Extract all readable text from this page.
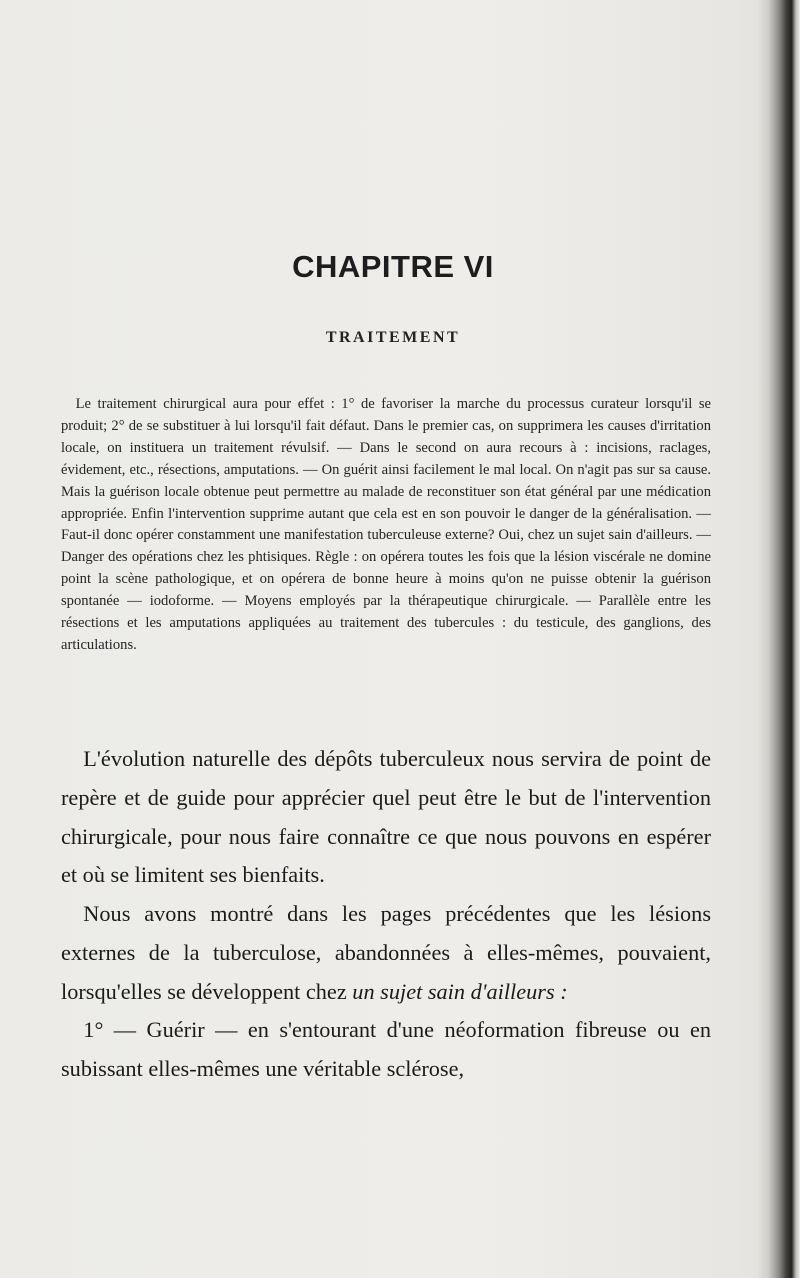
CHAPITRE VI
TRAITEMENT

Le traitement chirurgical aura pour effet : 1° de favoriser la marche du processus curateur lorsqu'il se produit; 2° de se substituer à lui lorsqu'il fait défaut. Dans le premier cas, on supprimera les causes d'irritation locale, on instituera un traitement révulsif. — Dans le second on aura recours à : incisions, raclages, évidement, etc., résections, amputations. — On guérit ainsi facilement le mal local. On n'agit pas sur sa cause. Mais la guérison locale obtenue peut permettre au malade de reconstituer son état général par une médication appropriée. Enfin l'intervention supprime autant que cela est en son pouvoir le danger de la généralisation. — Faut-il donc opérer constamment une manifestation tuberculeuse externe? Oui, chez un sujet sain d'ailleurs. — Danger des opérations chez les phtisiques. Règle : on opérera toutes les fois que la lésion viscérale ne domine point la scène pathologique, et on opérera de bonne heure à moins qu'on ne puisse obtenir la guérison spontanée — iodoforme. — Moyens employés par la thérapeutique chirurgicale. — Parallèle entre les résections et les amputations appliquées au traitement des tubercules : du testicule, des ganglions, des articulations.

L'évolution naturelle des dépôts tuberculeux nous servira de point de repère et de guide pour apprécier quel peut être le but de l'intervention chirurgicale, pour nous faire connaître ce que nous pouvons en espérer et où se limitent ses bienfaits.

Nous avons montré dans les pages précédentes que les lésions externes de la tuberculose, abandonnées à elles-mêmes, pouvaient, lorsqu'elles se développent chez un sujet sain d'ailleurs :

1° — Guérir — en s'entourant d'une néoformation fibreuse ou en subissant elles-mêmes une véritable sclérose,
